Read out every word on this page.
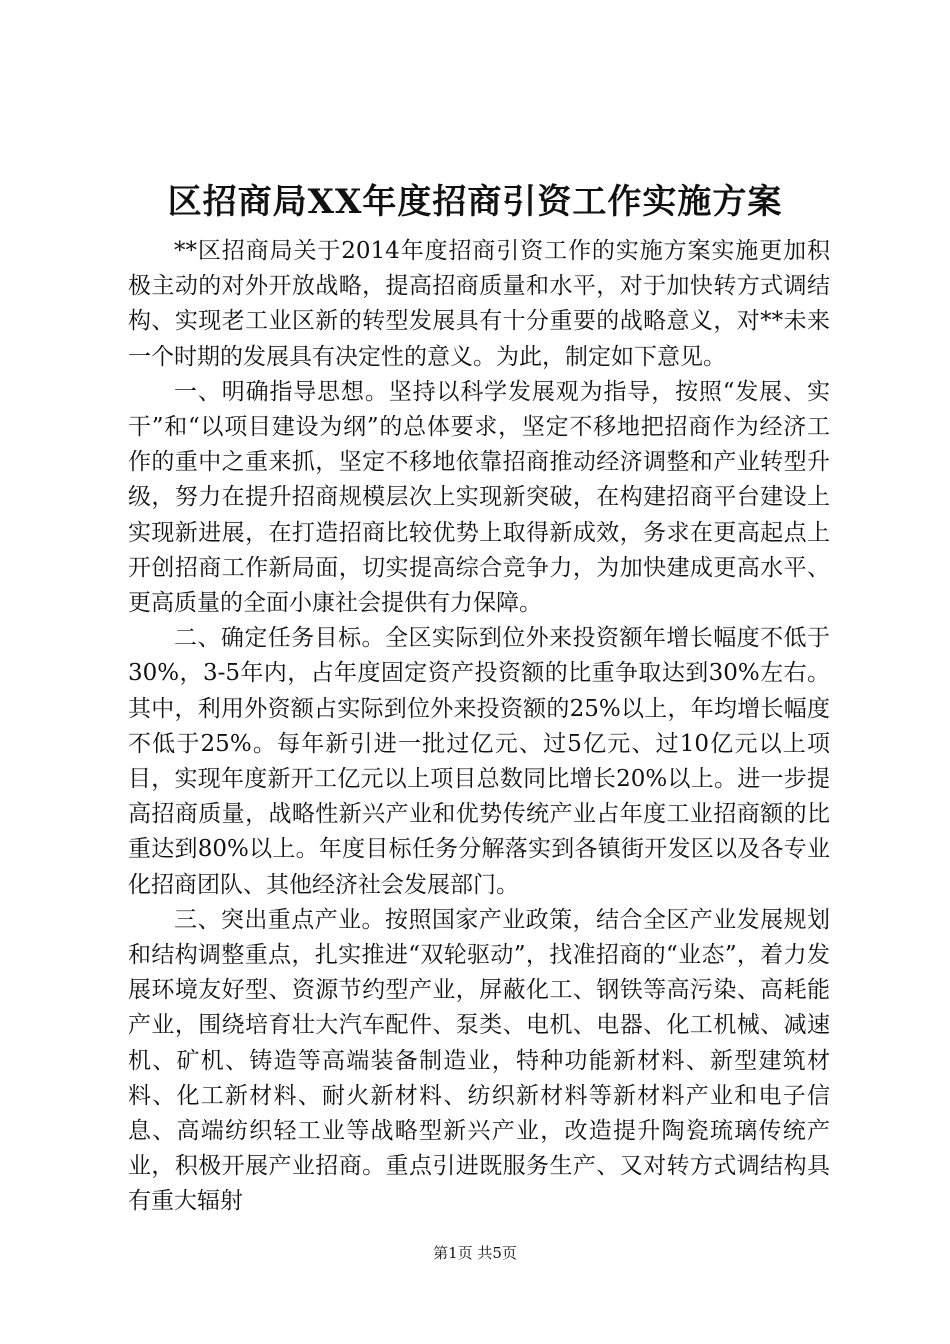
区招商局XX年度招商引资工作实施方案

**区招商局关于2014年度招商引资工作的实施方案实施更加积极主动的对外开放战略，提高招商质量和水平，对于加快转方式调结构、实现老工业区新的转型发展具有十分重要的战略意义，对**未来一个时期的发展具有决定性的意义。为此，制定如下意见。

一、明确指导思想。坚持以科学发展观为指导，按照“发展、实干”和“以项目建设为纲”的总体要求，坚定不移地把招商作为经济工作的重中之重来抓，坚定不移地依靠招商推动经济调整和产业转型升级，努力在提升招商规模层次上实现新突破，在构建招商平台建设上实现新进展，在打造招商比较优势上取得新成效，务求在更高起点上开创招商工作新局面，切实提高综合竞争力，为加快建成更高水平、更高质量的全面小康社会提供有力保障。

二、确定任务目标。全区实际到位外来投资额年增长幅度不低于30%，3-5年内，占年度固定资产投资额的比重争取达到30%左右。其中，利用外资额占实际到位外来投资额的25%以上，年均增长幅度不低于25%。每年新引进一批过亿元、过5亿元、过10亿元以上项目，实现年度新开工亿元以上项目总数同比增长20%以上。进一步提高招商质量，战略性新兴产业和优势传统产业占年度工业招商额的比重达到80%以上。年度目标任务分解落实到各镇街开发区以及各专业化招商团队、其他经济社会发展部门。

三、突出重点产业。按照国家产业政策，结合全区产业发展规划和结构调整重点，扎实推进“双轮驱动”，找准招商的“业态”，着力发展环境友好型、资源节约型产业，屏蔽化工、钢铁等高污染、高耗能产业，围绕培育壮大汽车配件、泵类、电机、电器、化工机械、减速机、矿机、铸造等高端装备制造业，特种功能新材料、新型建筑材料、化工新材料、耐火新材料、纺织新材料等新材料产业和电子信息、高端纺织轻工业等战略型新兴产业，改造提升陶瓷琉璃传统产业，积极开展产业招商。重点引进既服务生产、又对转方式调结构具有重大辐射

第1页 共5页
